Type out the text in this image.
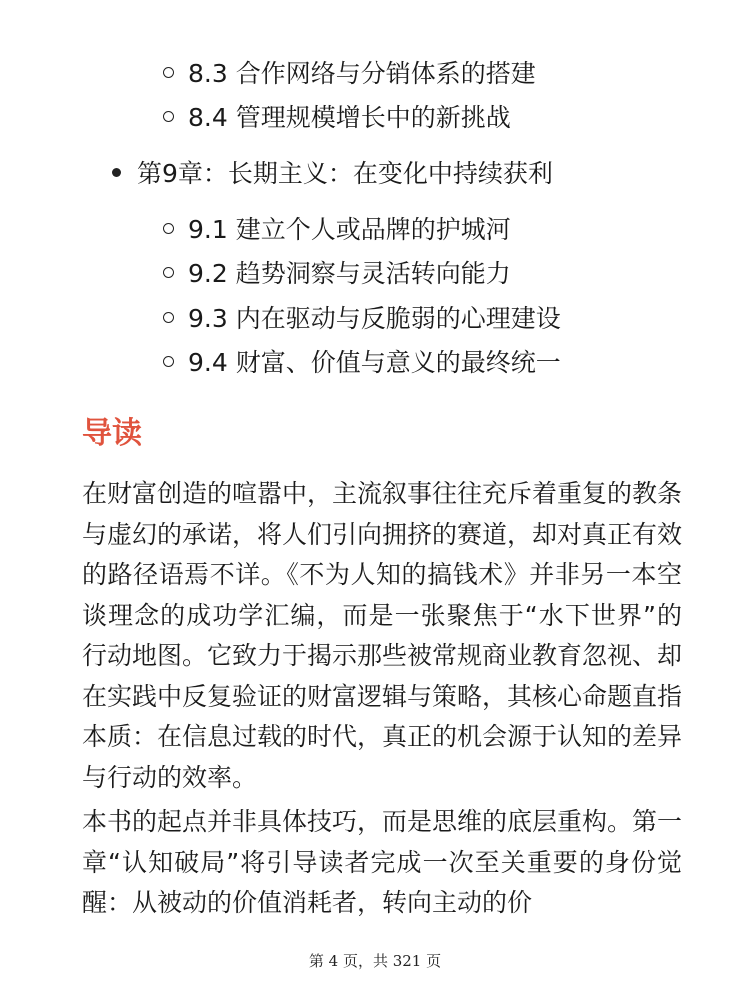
8.3 合作网络与分销体系的搭建
8.4 管理规模增长中的新挑战
第9章：长期主义：在变化中持续获利
9.1 建立个人或品牌的护城河
9.2 趋势洞察与灵活转向能力
9.3 内在驱动与反脆弱的心理建设
9.4 财富、价值与意义的最终统一
导读

在财富创造的喧嚣中，主流叙事往往充斥着重复的教条与虚幻的承诺，将人们引向拥挤的赛道，却对真正有效的路径语焉不详。《不为人知的搞钱术》并非另一本空谈理念的成功学汇编，而是一张聚焦于“水下世界”的行动地图。它致力于揭示那些被常规商业教育忽视、却在实践中反复验证的财富逻辑与策略，其核心命题直指本质：在信息过载的时代，真正的机会源于认知的差异与行动的效率。

本书的起点并非具体技巧，而是思维的底层重构。第一章“认知破局”将引导读者完成一次至关重要的身份觉醒：从被动的价值消耗者，转向主动的价

第 4 页，共 321 页
